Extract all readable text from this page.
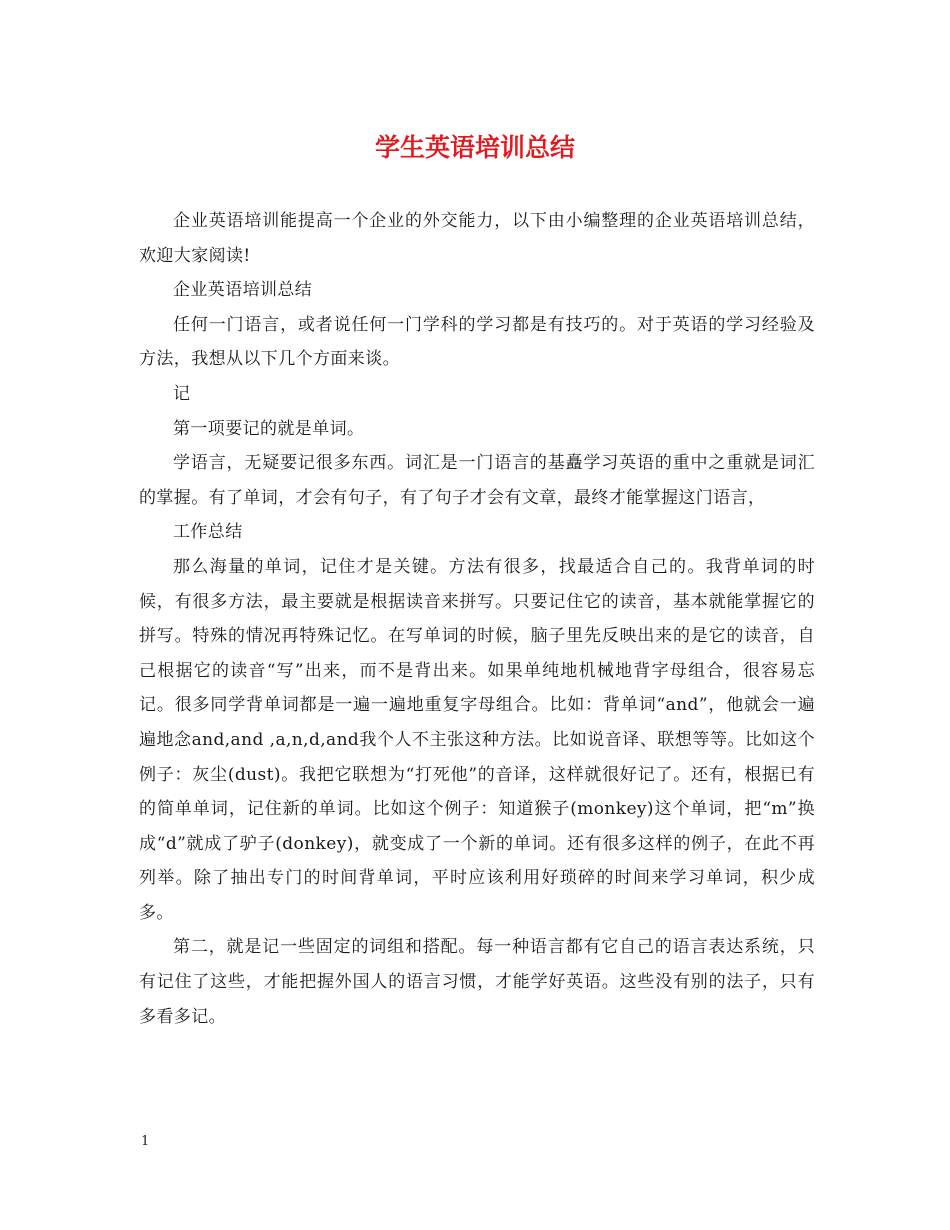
学生英语培训总结

企业英语培训能提高一个企业的外交能力，以下由小编整理的企业英语培训总结，欢迎大家阅读!

企业英语培训总结

任何一门语言，或者说任何一门学科的学习都是有技巧的。对于英语的学习经验及方法，我想从以下几个方面来谈。

记

第一项要记的就是单词。

学语言，无疑要记很多东西。词汇是一门语言的基矗学习英语的重中之重就是词汇的掌握。有了单词，才会有句子，有了句子才会有文章，最终才能掌握这门语言，

工作总结

那么海量的单词，记住才是关键。方法有很多，找最适合自己的。我背单词的时候，有很多方法，最主要就是根据读音来拼写。只要记住它的读音，基本就能掌握它的拼写。特殊的情况再特殊记忆。在写单词的时候，脑子里先反映出来的是它的读音，自己根据它的读音“写”出来，而不是背出来。如果单纯地机械地背字母组合，很容易忘记。很多同学背单词都是一遍一遍地重复字母组合。比如：背单词“and”，他就会一遍遍地念and,and ,a,n,d,and我个人不主张这种方法。比如说音译、联想等等。比如这个例子：灰尘(dust)。我把它联想为“打死他”的音译，这样就很好记了。还有，根据已有的简单单词，记住新的单词。比如这个例子：知道猴子(monkey)这个单词，把“m”换成“d”就成了驴子(donkey)，就变成了一个新的单词。还有很多这样的例子，在此不再列举。除了抽出专门的时间背单词，平时应该利用好琐碎的时间来学习单词，积少成多。

第二，就是记一些固定的词组和搭配。每一种语言都有它自己的语言表达系统，只有记住了这些，才能把握外国人的语言习惯，才能学好英语。这些没有别的法子，只有多看多记。

1
